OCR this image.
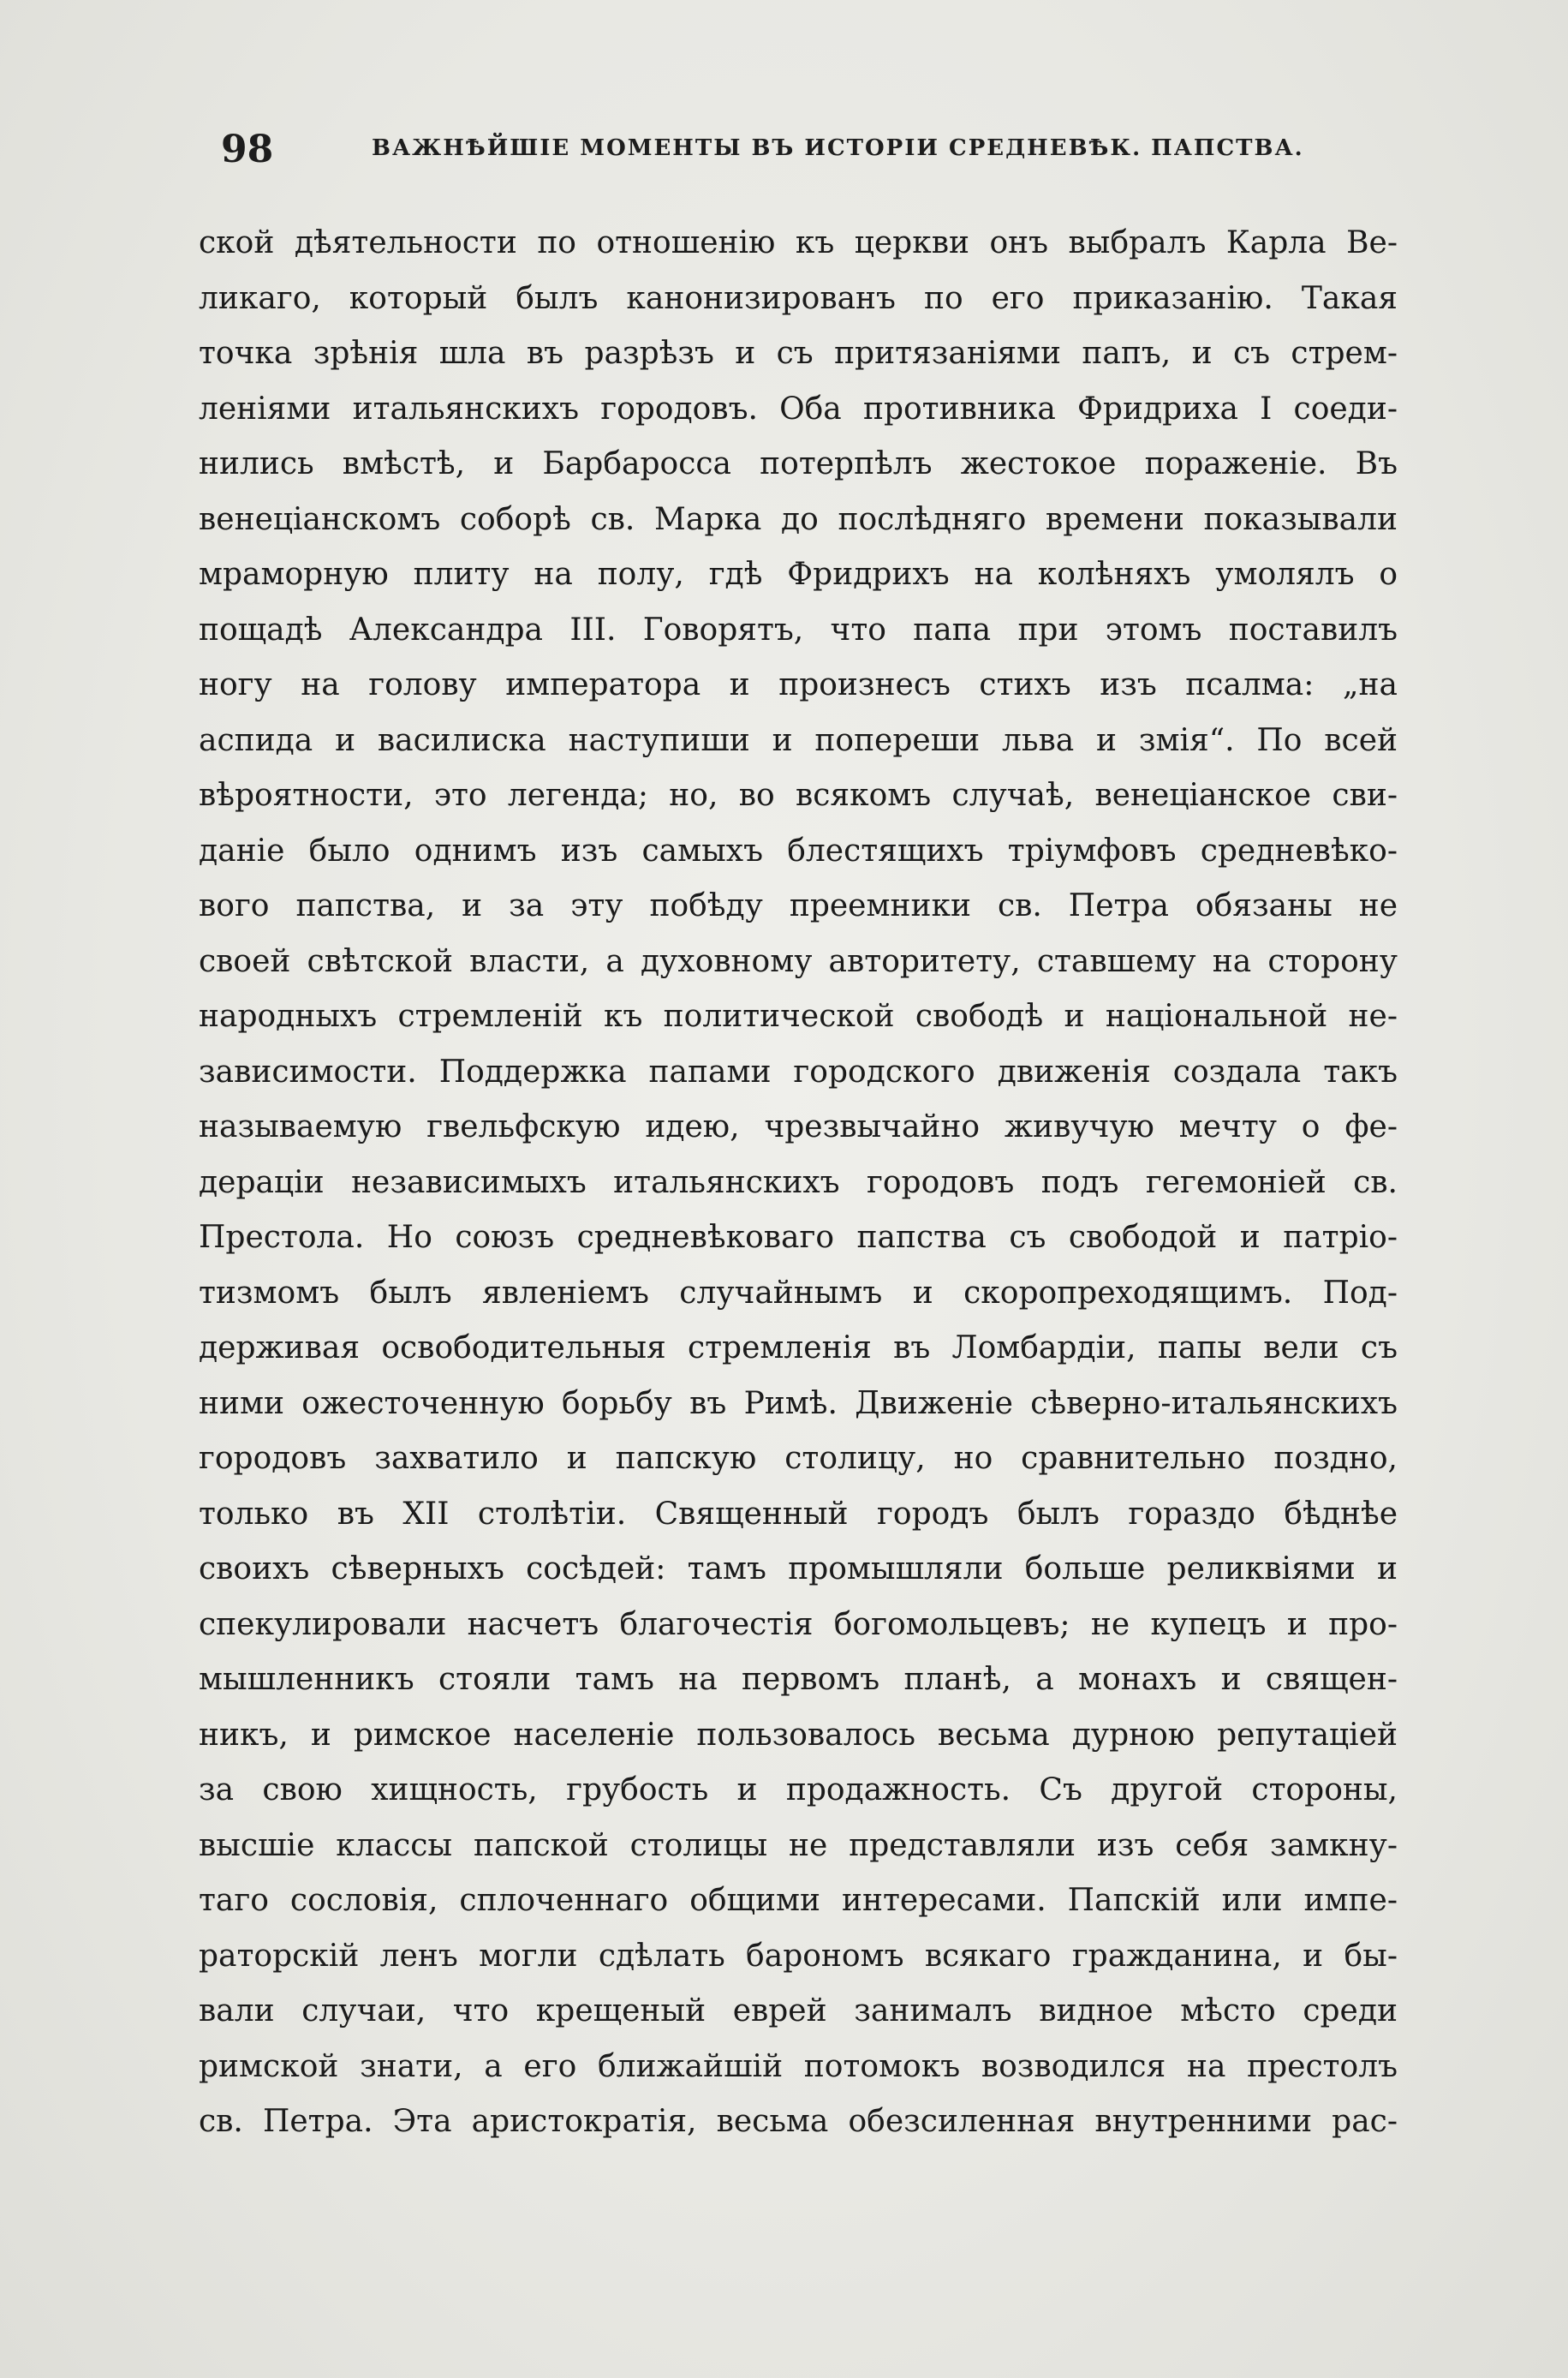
98	ВАЖНѢЙШІЕ МОМЕНТЫ ВЪ ИСТОРІИ СРЕДНЕВѢК. ПАПСТВА.
ской дѣятельности по отношенію къ церкви онъ выбралъ Карла Ве-
ликаго, который былъ канонизированъ по его приказанію. Такая
точка зрѣнія шла въ разрѣзъ и съ притязаніями папъ, и съ стрем-
леніями итальянскихъ городовъ. Оба противника Фридриха I соеди-
нились вмѣстѣ, и Барбаросса потерпѣлъ жестокое пораженіе. Въ
венеціанскомъ соборѣ св. Марка до послѣдняго времени показывали
мраморную плиту на полу, гдѣ Фридрихъ на колѣняхъ умолялъ о
пощадѣ Александра III. Говорятъ, что папа при этомъ поставилъ
ногу на голову императора и произнесъ стихъ изъ псалма: „на
аспида и василиска наступиши и попереши льва и змія“. По всей
вѣроятности, это легенда; но, во всякомъ случаѣ, венеціанское сви-
даніе было однимъ изъ самыхъ блестящихъ тріумфовъ средневѣко-
вого папства, и за эту побѣду преемники св. Петра обязаны не
своей свѣтской власти, а духовному авторитету, ставшему на сторону
народныхъ стремленій къ политической свободѣ и національной не-
зависимости. Поддержка папами городского движенія создала такъ
называемую гвельфскую идею, чрезвычайно живучую мечту о фе-
дераціи независимыхъ итальянскихъ городовъ подъ гегемоніей св.
Престола. Но союзъ средневѣковаго папства съ свободой и патріо-
тизмомъ былъ явленіемъ случайнымъ и скоропреходящимъ. Под-
держивая освободительныя стремленія въ Ломбардіи, папы вели съ
ними ожесточенную борьбу въ Римѣ. Движеніе сѣверно-итальянскихъ
городовъ захватило и папскую столицу, но сравнительно поздно,
только въ XII столѣтіи. Священный городъ былъ гораздо бѣднѣе
своихъ сѣверныхъ сосѣдей: тамъ промышляли больше реликвіями и
спекулировали насчетъ благочестія богомольцевъ; не купецъ и про-
мышленникъ стояли тамъ на первомъ планѣ, а монахъ и священ-
никъ, и римское населеніе пользовалось весьма дурною репутаціей
за свою хищность, грубость и продажность. Съ другой стороны,
высшіе классы папской столицы не представляли изъ себя замкну-
таго сословія, сплоченнаго общими интересами. Папскій или импе-
раторскій ленъ могли сдѣлать барономъ всякаго гражданина, и бы-
вали случаи, что крещеный еврей занималъ видное мѣсто среди
римской знати, а его ближайшій потомокъ возводился на престолъ
св. Петра. Эта аристократія, весьма обезсиленная внутренними рас-
